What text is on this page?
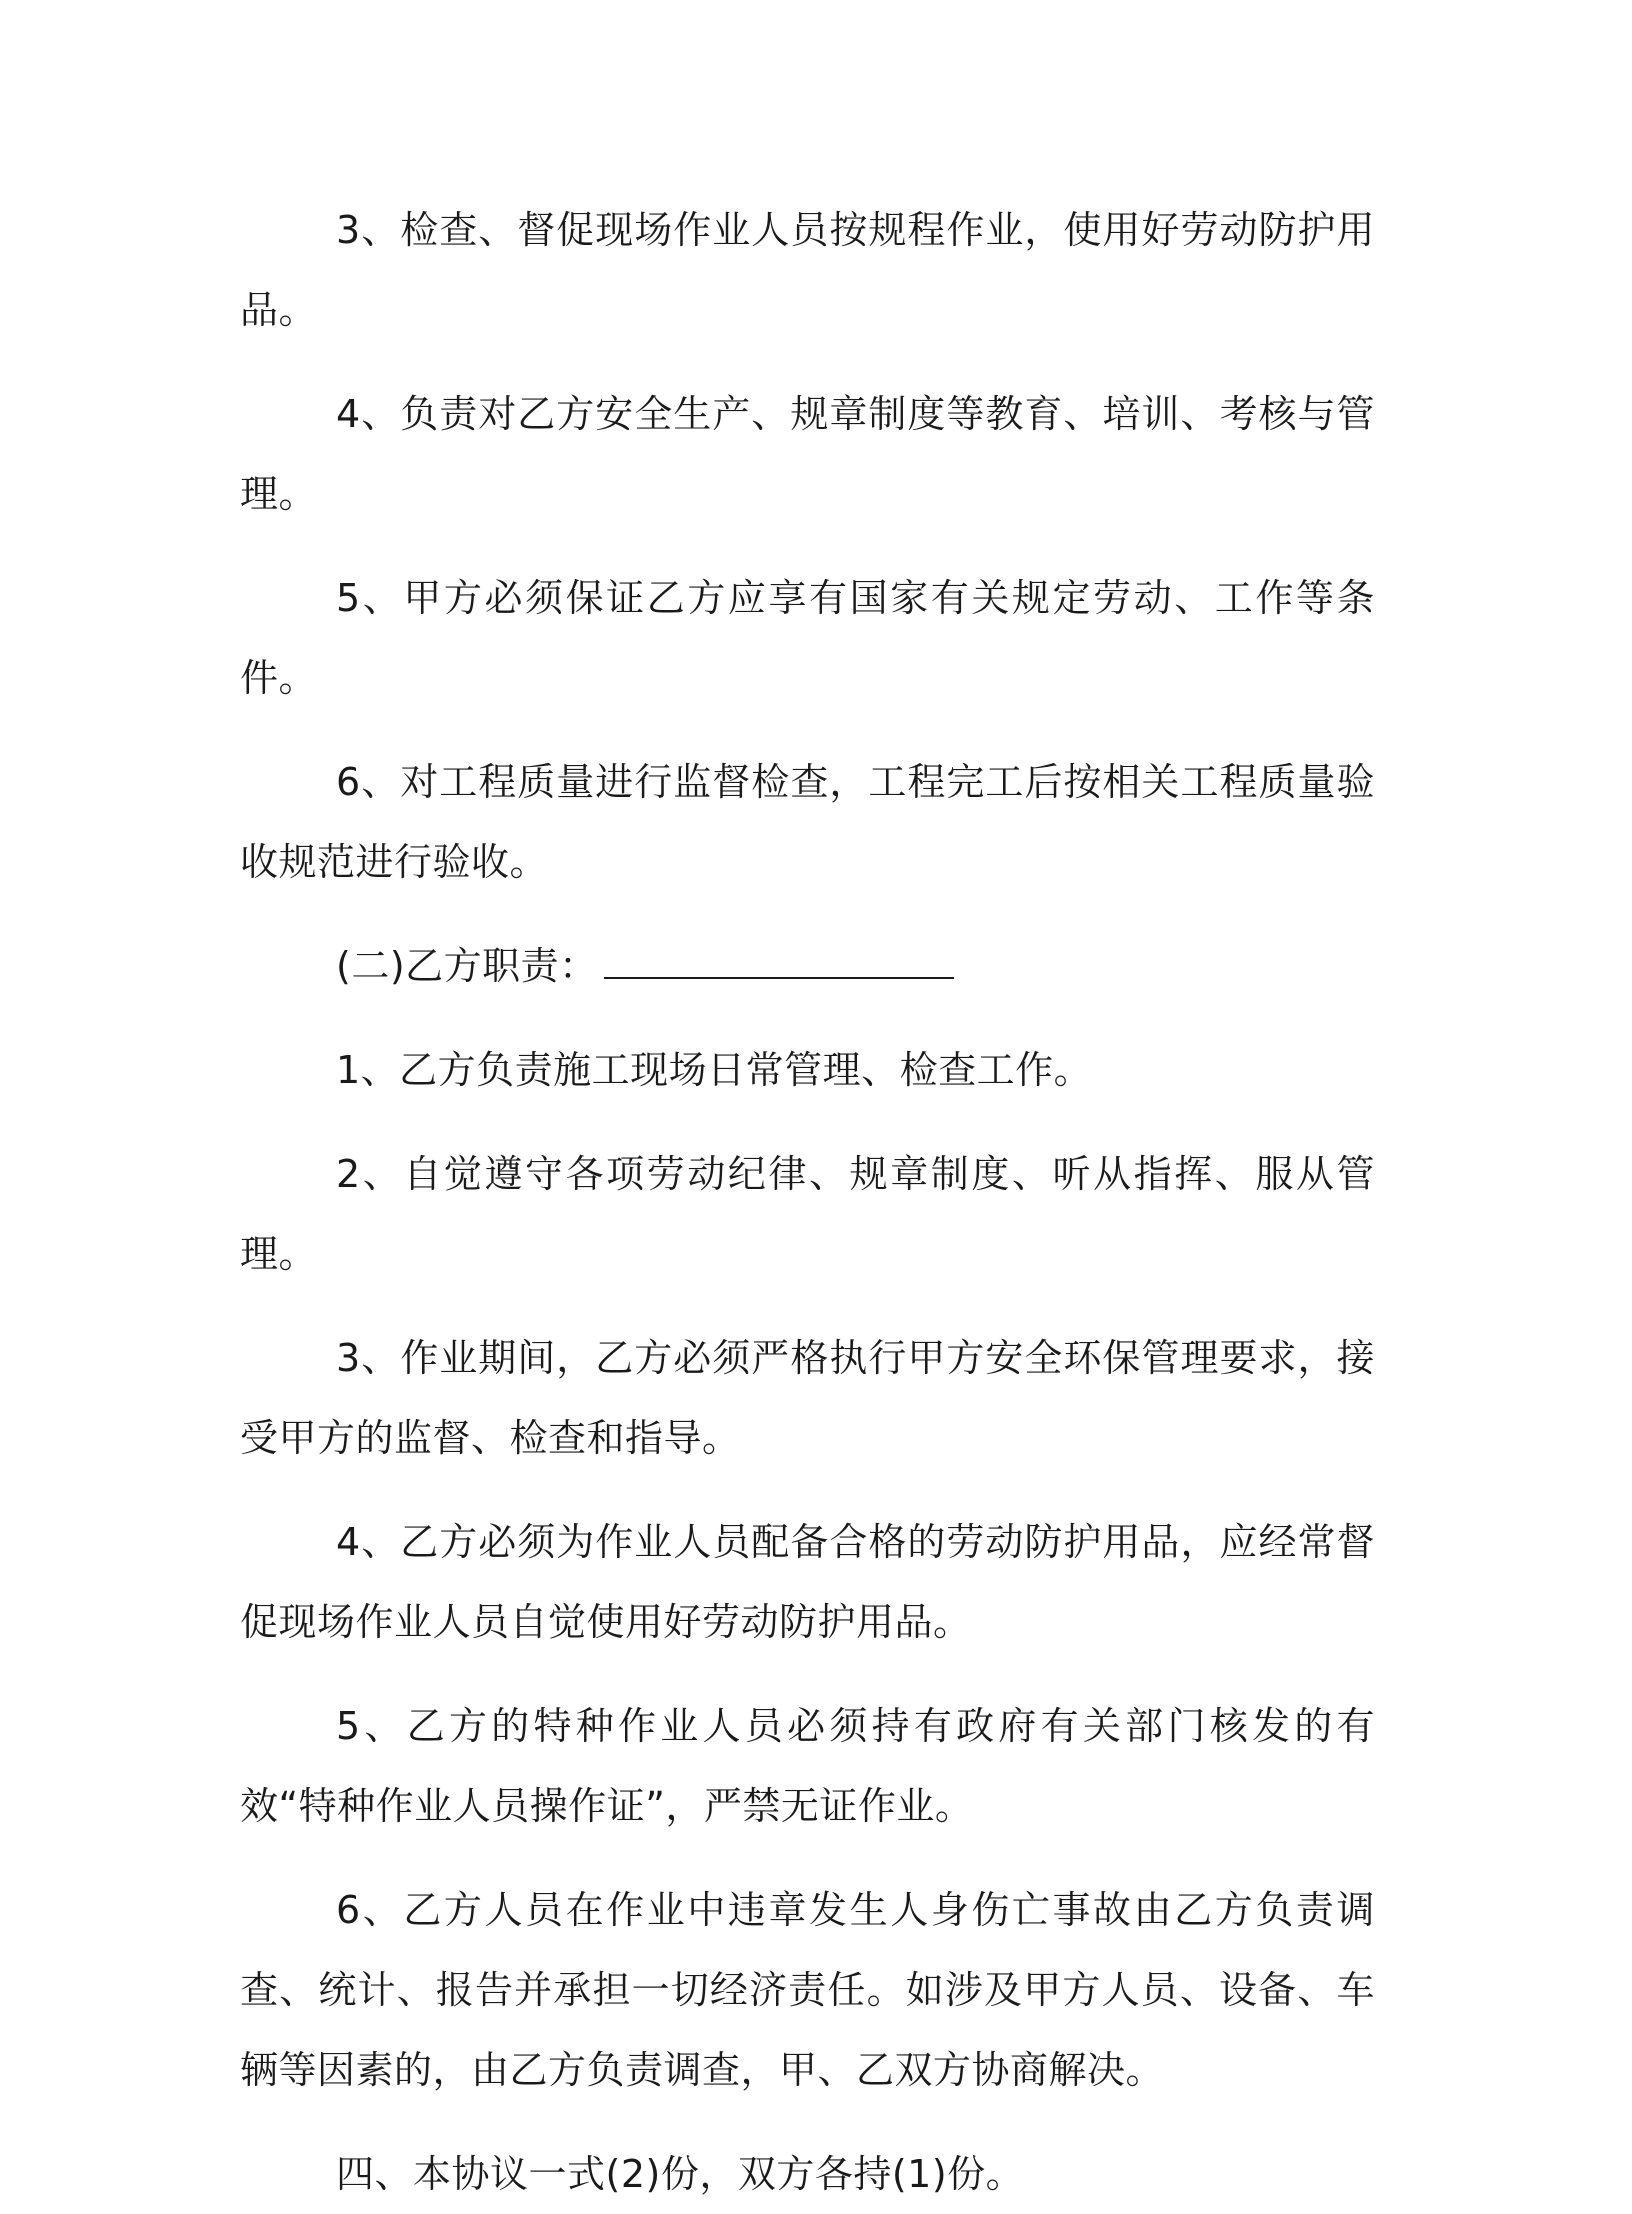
3、检查、督促现场作业人员按规程作业，使用好劳动防护用品。

4、负责对乙方安全生产、规章制度等教育、培训、考核与管理。

5、甲方必须保证乙方应享有国家有关规定劳动、工作等条件。

6、对工程质量进行监督检查，工程完工后按相关工程质量验收规范进行验收。

(二)乙方职责：

1、乙方负责施工现场日常管理、检查工作。

2、自觉遵守各项劳动纪律、规章制度、听从指挥、服从管理。

3、作业期间，乙方必须严格执行甲方安全环保管理要求，接受甲方的监督、检查和指导。

4、乙方必须为作业人员配备合格的劳动防护用品，应经常督促现场作业人员自觉使用好劳动防护用品。

5、乙方的特种作业人员必须持有政府有关部门核发的有效“特种作业人员操作证”，严禁无证作业。

6、乙方人员在作业中违章发生人身伤亡事故由乙方负责调查、统计、报告并承担一切经济责任。如涉及甲方人员、设备、车辆等因素的，由乙方负责调查，甲、乙双方协商解决。

四、本协议一式(2)份，双方各持(1)份。
